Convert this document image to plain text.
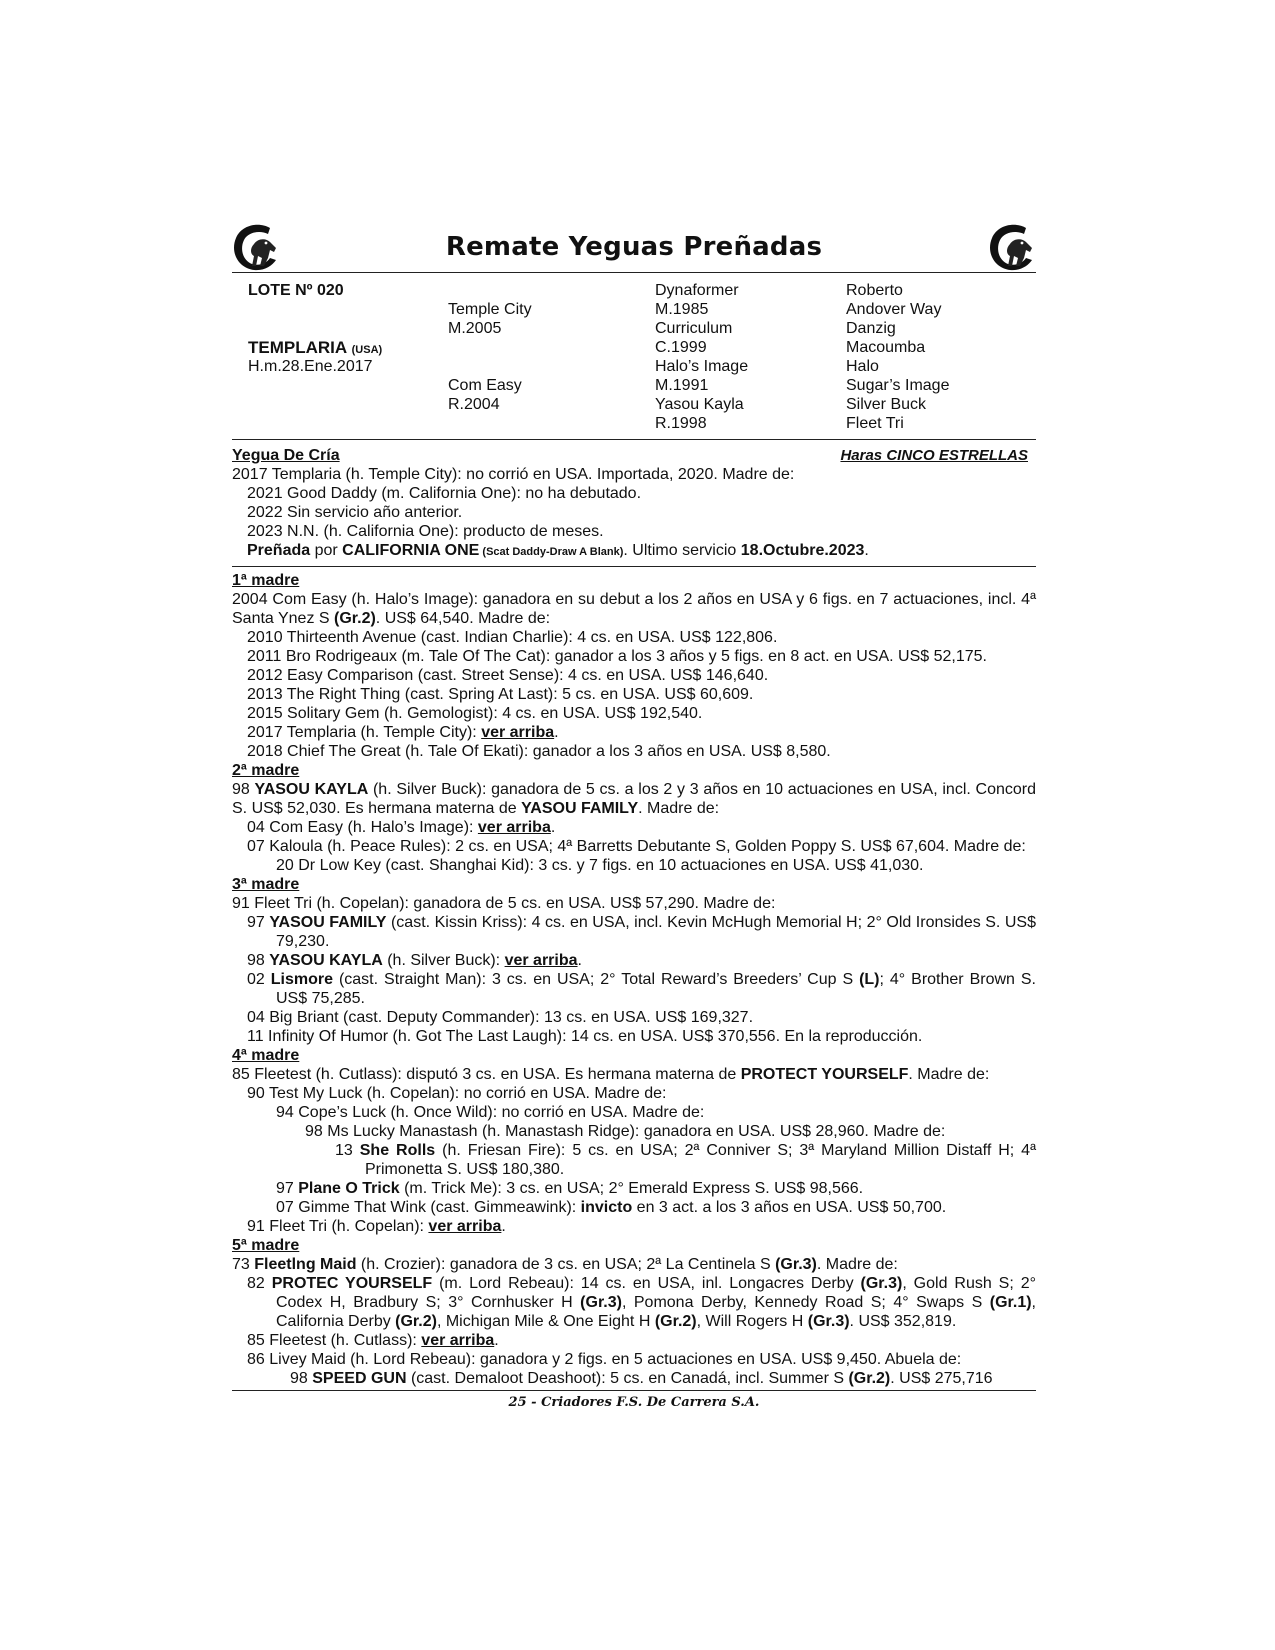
Remate Yeguas Preñadas
LOTE Nº 020
TEMPLARIA (USA)
H.m.28.Ene.2017
Temple City
M.2005
Com Easy
R.2004
Dynaformer
M.1985
Curriculum
C.1999
Halo’s Image
M.1991
Yasou Kayla
R.1998
Roberto
Andover Way
Danzig
Macoumba
Halo
Sugar’s Image
Silver Buck
Fleet Tri
Yegua De Cría	Haras CINCO ESTRELLAS

2017 Templaria (h. Temple City): no corrió en USA. Importada, 2020. Madre de:

2021 Good Daddy (m. California One): no ha debutado.

2022 Sin servicio año anterior.

2023 N.N. (h. California One): producto de meses.

Preñada por CALIFORNIA ONE (Scat Daddy-Draw A Blank). Ultimo servicio 18.Octubre.2023.

1ª madre

2004 Com Easy (h. Halo’s Image): ganadora en su debut a los 2 años en USA y 6 figs. en 7 actuaciones, incl. 4ª Santa Ynez S (Gr.2). US$ 64,540. Madre de:

2010 Thirteenth Avenue (cast. Indian Charlie): 4 cs. en USA. US$ 122,806.

2011 Bro Rodrigeaux (m. Tale Of The Cat): ganador a los 3 años y 5 figs. en 8 act. en USA. US$ 52,175.

2012 Easy Comparison (cast. Street Sense): 4 cs. en USA. US$ 146,640.

2013 The Right Thing (cast. Spring At Last): 5 cs. en USA. US$ 60,609.

2015 Solitary Gem (h. Gemologist): 4 cs. en USA. US$ 192,540.

2017 Templaria (h. Temple City): ver arriba.

2018 Chief The Great (h. Tale Of Ekati): ganador a los 3 años en USA. US$ 8,580.

2ª madre

98 YASOU KAYLA (h. Silver Buck): ganadora de 5 cs. a los 2 y 3 años en 10 actuaciones en USA, incl. Concord S. US$ 52,030. Es hermana materna de YASOU FAMILY. Madre de:

04 Com Easy (h. Halo’s Image): ver arriba.

07 Kaloula (h. Peace Rules): 2 cs. en USA; 4ª Barretts Debutante S, Golden Poppy S. US$ 67,604. Madre de:

20 Dr Low Key (cast. Shanghai Kid): 3 cs. y 7 figs. en 10 actuaciones en USA. US$ 41,030.

3ª madre

91 Fleet Tri (h. Copelan): ganadora de 5 cs. en USA. US$ 57,290. Madre de:

97 YASOU FAMILY (cast. Kissin Kriss): 4 cs. en USA, incl. Kevin McHugh Memorial H; 2° Old Ironsides S. US$ 79,230.

98 YASOU KAYLA (h. Silver Buck): ver arriba.

02 Lismore (cast. Straight Man): 3 cs. en USA; 2° Total Reward’s Breeders’ Cup S (L); 4° Brother Brown S. US$ 75,285.

04 Big Briant (cast. Deputy Commander): 13 cs. en USA. US$ 169,327.

11 Infinity Of Humor (h. Got The Last Laugh): 14 cs. en USA. US$ 370,556. En la reproducción.

4ª madre

85 Fleetest (h. Cutlass): disputó 3 cs. en USA. Es hermana materna de PROTECT YOURSELF. Madre de:

90 Test My Luck (h. Copelan): no corrió en USA. Madre de:

94 Cope’s Luck (h. Once Wild): no corrió en USA. Madre de:

98 Ms Lucky Manastash (h. Manastash Ridge): ganadora en USA. US$ 28,960. Madre de:

13 She Rolls (h. Friesan Fire): 5 cs. en USA; 2ª Conniver S; 3ª Maryland Million Distaff H; 4ª Primonetta S. US$ 180,380.

97 Plane O Trick (m. Trick Me): 3 cs. en USA; 2° Emerald Express S. US$ 98,566.

07 Gimme That Wink (cast. Gimmeawink): invicto en 3 act. a los 3 años en USA. US$ 50,700.

91 Fleet Tri (h. Copelan): ver arriba.

5ª madre

73 Fleetlng Maid (h. Crozier): ganadora de 3 cs. en USA; 2ª La Centinela S (Gr.3). Madre de:

82 PROTEC YOURSELF (m. Lord Rebeau): 14 cs. en USA, inl. Longacres Derby (Gr.3), Gold Rush S; 2° Codex H, Bradbury S; 3° Cornhusker H (Gr.3), Pomona Derby, Kennedy Road S; 4° Swaps S (Gr.1), California Derby (Gr.2), Michigan Mile & One Eight H (Gr.2), Will Rogers H (Gr.3). US$ 352,819.

85 Fleetest (h. Cutlass): ver arriba.

86 Livey Maid (h. Lord Rebeau): ganadora y 2 figs. en 5 actuaciones en USA. US$ 9,450. Abuela de:

98 SPEED GUN (cast. Demaloot Deashoot): 5 cs. en Canadá, incl. Summer S (Gr.2). US$ 275,716

25 - Criadores F.S. De Carrera S.A.
